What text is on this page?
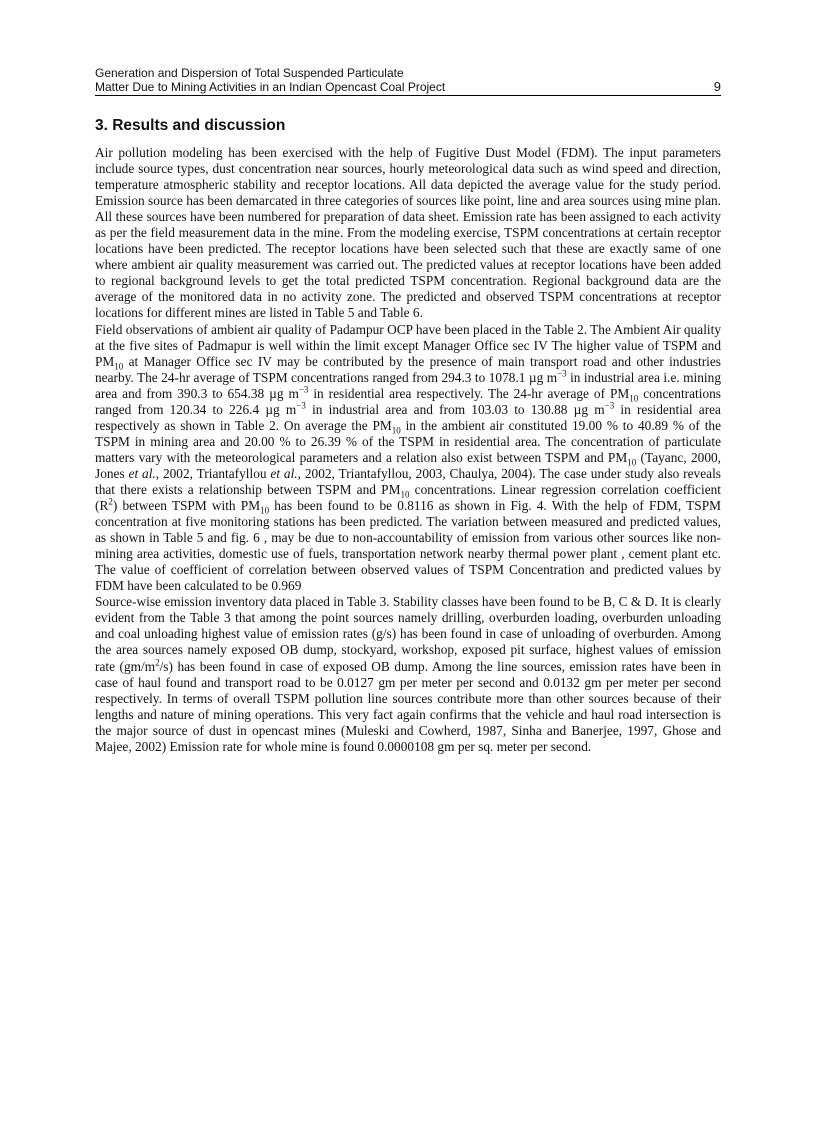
Generation and Dispersion of Total Suspended Particulate
Matter Due to Mining Activities in an Indian Opencast Coal Project	9
3. Results and discussion

Air pollution modeling has been exercised with the help of Fugitive Dust Model (FDM). The input parameters include source types, dust concentration near sources, hourly meteorological data such as wind speed and direction, temperature atmospheric stability and receptor locations. All data depicted the average value for the study period. Emission source has been demarcated in three categories of sources like point, line and area sources using mine plan. All these sources have been numbered for preparation of data sheet. Emission rate has been assigned to each activity as per the field measurement data in the mine. From the modeling exercise, TSPM concentrations at certain receptor locations have been predicted. The receptor locations have been selected such that these are exactly same of one where ambient air quality measurement was carried out. The predicted values at receptor locations have been added to regional background levels to get the total predicted TSPM concentration. Regional background data are the average of the monitored data in no activity zone. The predicted and observed TSPM concentrations at receptor locations for different mines are listed in Table 5 and Table 6.

Field observations of ambient air quality of Padampur OCP have been placed in the Table 2. The Ambient Air quality at the five sites of Padmapur is well within the limit except Manager Office sec IV The higher value of TSPM and $PM_{10}$ at Manager Office sec IV may be contributed by the presence of main transport road and other industries nearby. The 24-hr average of TSPM concentrations ranged from 294.3 to 1078.1 µg $m^{-3}$ in industrial area i.e. mining area and from 390.3 to 654.38 µg $m^{-3}$ in residential area respectively. The 24-hr average of $PM_{10}$ concentrations ranged from 120.34 to 226.4 µg $m^{-3}$ in industrial area and from 103.03 to 130.88 µg $m^{-3}$ in residential area respectively as shown in Table 2. On average the $PM_{10}$ in the ambient air constituted 19.00 % to 40.89 % of the TSPM in mining area and 20.00 % to 26.39 % of the TSPM in residential area. The concentration of particulate matters vary with the meteorological parameters and a relation also exist between TSPM and $PM_{10}$ (Tayanc, 2000, Jones et al., 2002, Triantafyllou et al., 2002, Triantafyllou, 2003, Chaulya, 2004). The case under study also reveals that there exists a relationship between TSPM and $PM_{10}$ concentrations. Linear regression correlation coefficient $(R^2)$ between TSPM with $PM_{10}$ has been found to be 0.8116 as shown in Fig. 4. With the help of FDM, TSPM concentration at five monitoring stations has been predicted. The variation between measured and predicted values, as shown in Table 5 and fig. 6 , may be due to non-accountability of emission from various other sources like non-mining area activities, domestic use of fuels, transportation network nearby thermal power plant , cement plant etc. The value of coefficient of correlation between observed values of TSPM Concentration and predicted values by FDM have been calculated to be 0.969

Source-wise emission inventory data placed in Table 3. Stability classes have been found to be B, C & D. It is clearly evident from the Table 3 that among the point sources namely drilling, overburden loading, overburden unloading and coal unloading highest value of emission rates (g/s) has been found in case of unloading of overburden. Among the area sources namely exposed OB dump, stockyard, workshop, exposed pit surface, highest values of emission rate $(gm/m^2/s)$ has been found in case of exposed OB dump. Among the line sources, emission rates have been in case of haul found and transport road to be 0.0127 gm per meter per second and 0.0132 gm per meter per second respectively. In terms of overall TSPM pollution line sources contribute more than other sources because of their lengths and nature of mining operations. This very fact again confirms that the vehicle and haul road intersection is the major source of dust in opencast mines (Muleski and Cowherd, 1987, Sinha and Banerjee, 1997, Ghose and Majee, 2002) Emission rate for whole mine is found 0.0000108 gm per sq. meter per second.
